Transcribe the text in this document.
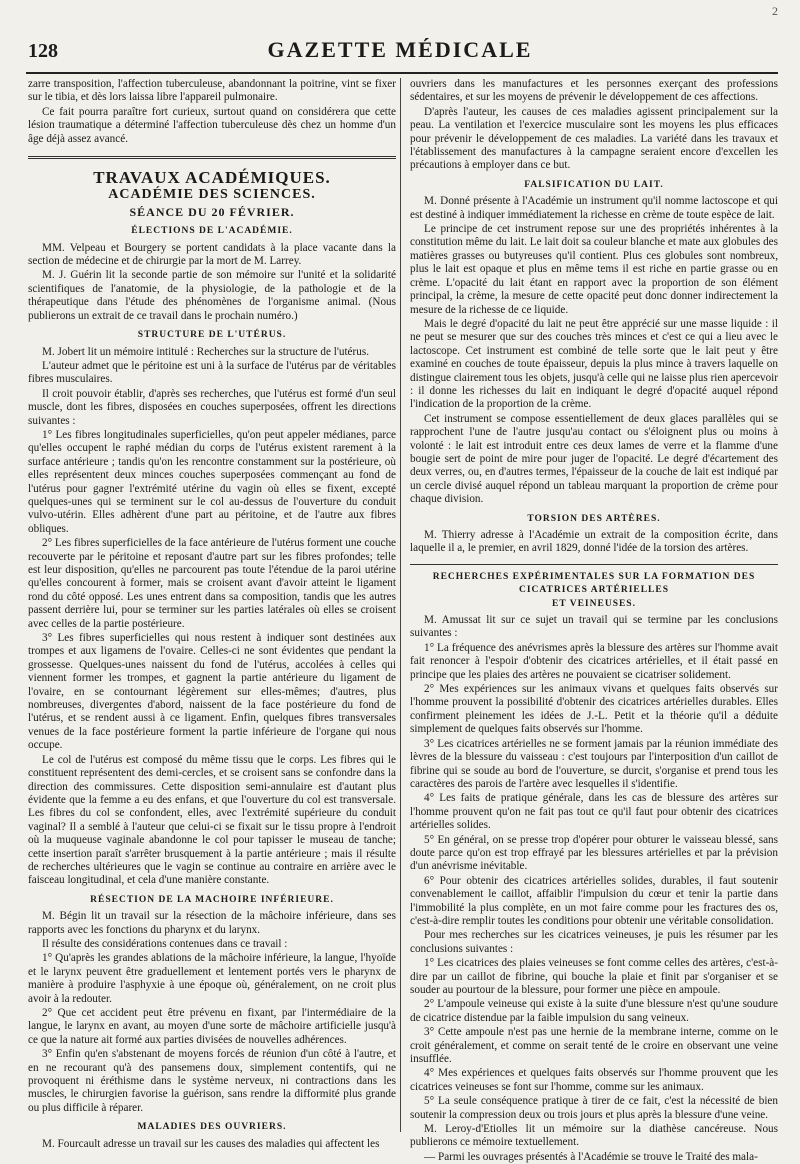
2
128	GAZETTE MÉDICALE

zarre transposition, l'affection tuberculeuse, abandonnant la poitrine, vint se fixer sur le tibia, et dès lors laissa libre l'appareil pulmonaire.

Ce fait pourra paraître fort curieux, surtout quand on considérera que cette lésion traumatique a déterminé l'affection tuberculeuse dès chez un homme d'un âge déjà assez avancé.

TRAVAUX ACADÉMIQUES.
ACADÉMIE DES SCIENCES.
SÉANCE DU 20 FÉVRIER.
ÉLECTIONS DE L'ACADÉMIE.

MM. Velpeau et Bourgery se portent candidats à la place vacante dans la section de médecine et de chirurgie par la mort de M. Larrey.

M. J. Guérin lit la seconde partie de son mémoire sur l'unité et la solidarité scientifiques de l'anatomie, de la physiologie, de la pathologie et de la thérapeutique dans l'étude des phénomènes de l'organisme animal. (Nous publierons un extrait de ce travail dans le prochain numéro.)

STRUCTURE DE L'UTÉRUS.

M. Jobert lit un mémoire intitulé : Recherches sur la structure de l'utérus.

L'auteur admet que le péritoine est uni à la surface de l'utérus par de véritables fibres musculaires.

Il croit pouvoir établir, d'après ses recherches, que l'utérus est formé d'un seul muscle, dont les fibres, disposées en couches superposées, offrent les directions suivantes :

1° Les fibres longitudinales superficielles, qu'on peut appeler médianes, parce qu'elles occupent le raphé médian du corps de l'utérus existent rarement à la surface antérieure ; tandis qu'on les rencontre constamment sur la postérieure, où elles représentent deux minces couches superposées commençant au fond de l'utérus pour gagner l'extrémité utérine du vagin où elles se fixent, excepté quelques-unes qui se terminent sur le col au-dessus de l'ouverture du conduit vulvo-utérin. Elles adhèrent d'une part au péritoine, et de l'autre aux fibres obliques.

2° Les fibres superficielles de la face antérieure de l'utérus forment une couche recouverte par le péritoine et reposant d'autre part sur les fibres profondes; telle est leur disposition, qu'elles ne parcourent pas toute l'étendue de la paroi utérine qu'elles concourent à former, mais se croisent avant d'avoir atteint le ligament rond du côté opposé. Les unes entrent dans sa composition, tandis que les autres passent derrière lui, pour se terminer sur les parties latérales où elles se croisent avec celles de la partie postérieure.

3° Les fibres superficielles qui nous restent à indiquer sont destinées aux trompes et aux ligamens de l'ovaire. Celles-ci ne sont évidentes que pendant la grossesse. Quelques-unes naissent du fond de l'utérus, accolées à celles qui viennent former les trompes, et gagnent la partie antérieure du ligament de l'ovaire, en se contournant légèrement sur elles-mêmes; d'autres, plus nombreuses, divergentes d'abord, naissent de la face postérieure du fond de l'utérus, et se rendent aussi à ce ligament. Enfin, quelques fibres transversales venues de la face postérieure forment la partie inférieure de l'organe qui nous occupe.

Le col de l'utérus est composé du même tissu que le corps. Les fibres qui le constituent représentent des demi-cercles, et se croisent sans se confondre dans la direction des commissures. Cette disposition semi-annulaire est d'autant plus évidente que la femme a eu des enfans, et que l'ouverture du col est transversale. Les fibres du col se confondent, elles, avec l'extrémité supérieure du conduit vaginal? Il a semblé à l'auteur que celui-ci se fixait sur le tissu propre à l'endroit où la muqueuse vaginale abandonne le col pour tapisser le museau de tanche; cette insertion paraît s'arrêter brusquement à la partie antérieure ; mais il résulte de recherches ultérieures que le vagin se continue au contraire en arrière avec le faisceau longitudinal, et cela d'une manière constante.

RÉSECTION DE LA MACHOIRE INFÉRIEURE.

M. Bégin lit un travail sur la résection de la mâchoire inférieure, dans ses rapports avec les fonctions du pharynx et du larynx.

Il résulte des considérations contenues dans ce travail :

1° Qu'après les grandes ablations de la mâchoire inférieure, la langue, l'hyoïde et le larynx peuvent être graduellement et lentement portés vers le pharynx de manière à produire l'asphyxie à une époque où, généralement, on ne croit plus avoir à la redouter.

2° Que cet accident peut être prévenu en fixant, par l'intermédiaire de la langue, le larynx en avant, au moyen d'une sorte de mâchoire artificielle jusqu'à ce que la nature ait formé aux parties divisées de nouvelles adhérences.

3° Enfin qu'en s'abstenant de moyens forcés de réunion d'un côté à l'autre, et en ne recourant qu'à des pansemens doux, simplement contentifs, qui ne provoquent ni éréthisme dans le système nerveux, ni contractions dans les muscles, le chirurgien favorise la guérison, sans rendre la difformité plus grande ou plus difficile à réparer.

MALADIES DES OUVRIERS.

M. Fourcault adresse un travail sur les causes des maladies qui affectent les

ouvriers dans les manufactures et les personnes exerçant des professions sédentaires, et sur les moyens de prévenir le développement de ces affections.

D'après l'auteur, les causes de ces maladies agissent principalement sur la peau. La ventilation et l'exercice musculaire sont les moyens les plus efficaces pour prévenir le développement de ces maladies. La variété dans les travaux et l'établissement des manufactures à la campagne seraient encore d'excellen les précautions à employer dans ce but.

FALSIFICATION DU LAIT.

M. Donné présente à l'Académie un instrument qu'il nomme lactoscope et qui est destiné à indiquer immédiatement la richesse en crème de toute espèce de lait.

Le principe de cet instrument repose sur une des propriétés inhérentes à la constitution même du lait. Le lait doit sa couleur blanche et mate aux globules des matières grasses ou butyreuses qu'il contient. Plus ces globules sont nombreux, plus le lait est opaque et plus en même tems il est riche en partie grasse ou en crème. L'opacité du lait étant en rapport avec la proportion de son élément principal, la crème, la mesure de cette opacité peut donc donner indirectement la mesure de la richesse de ce liquide.

Mais le degré d'opacité du lait ne peut être apprécié sur une masse liquide : il ne peut se mesurer que sur des couches très minces et c'est ce qui a lieu avec le lactoscope. Cet instrument est combiné de telle sorte que le lait peut y être examiné en couches de toute épaisseur, depuis la plus mince à travers laquelle on distingue clairement tous les objets, jusqu'à celle qui ne laisse plus rien apercevoir : il donne les richesses du lait en indiquant le degré d'opacité auquel répond l'indication de la proportion de la crème.

Cet instrument se compose essentiellement de deux glaces parallèles qui se rapprochent l'une de l'autre jusqu'au contact ou s'éloignent plus ou moins à volonté : le lait est introduit entre ces deux lames de verre et la flamme d'une bougie sert de point de mire pour juger de l'opacité. Le degré d'écartement des deux verres, ou, en d'autres termes, l'épaisseur de la couche de lait est indiqué par un cercle divisé auquel répond un tableau marquant la proportion de crème pour chaque division.

TORSION DES ARTÈRES.

M. Thierry adresse à l'Académie un extrait de la composition écrite, dans laquelle il a, le premier, en avril 1829, donné l'idée de la torsion des artères.

RECHERCHES EXPÉRIMENTALES SUR LA FORMATION DES CICATRICES ARTÉRIELLES
ET VEINEUSES.

M. Amussat lit sur ce sujet un travail qui se termine par les conclusions suivantes :

1° La fréquence des anévrismes après la blessure des artères sur l'homme avait fait renoncer à l'espoir d'obtenir des cicatrices artérielles, et il était passé en principe que les plaies des artères ne pouvaient se cicatriser solidement.

2° Mes expériences sur les animaux vivans et quelques faits observés sur l'homme prouvent la possibilité d'obtenir des cicatrices artérielles durables. Elles confirment pleinement les idées de J.-L. Petit et la théorie qu'il a déduite simplement de quelques faits observés sur l'homme.

3° Les cicatrices artérielles ne se forment jamais par la réunion immédiate des lèvres de la blessure du vaisseau : c'est toujours par l'interposition d'un caillot de fibrine qui se soude au bord de l'ouverture, se durcit, s'organise et prend tous les caractères des parois de l'artère avec lesquelles il s'identifie.

4° Les faits de pratique générale, dans les cas de blessure des artères sur l'homme prouvent qu'on ne fait pas tout ce qu'il faut pour obtenir des cicatrices artérielles solides.

5° En général, on se presse trop d'opérer pour obturer le vaisseau blessé, sans doute parce qu'on est trop effrayé par les blessures artérielles et par la prévision d'un anévrisme inévitable.

6° Pour obtenir des cicatrices artérielles solides, durables, il faut soutenir convenablement le caillot, affaiblir l'impulsion du cœur et tenir la partie dans l'immobilité la plus complète, en un mot faire comme pour les fractures des os, c'est-à-dire remplir toutes les conditions pour obtenir une véritable consolidation.

Pour mes recherches sur les cicatrices veineuses, je puis les résumer par les conclusions suivantes :

1° Les cicatrices des plaies veineuses se font comme celles des artères, c'est-à-dire par un caillot de fibrine, qui bouche la plaie et finit par s'organiser et se souder au pourtour de la blessure, pour former une pièce en ampoule.

2° L'ampoule veineuse qui existe à la suite d'une blessure n'est qu'une soudure de cicatrice distendue par la faible impulsion du sang veineux.

3° Cette ampoule n'est pas une hernie de la membrane interne, comme on le croit généralement, et comme on serait tenté de le croire en observant une veine insufflée.

4° Mes expériences et quelques faits observés sur l'homme prouvent que les cicatrices veineuses se font sur l'homme, comme sur les animaux.

5° La seule conséquence pratique à tirer de ce fait, c'est la nécessité de bien soutenir la compression deux ou trois jours et plus après la blessure d'une veine.

M. Leroy-d'Etiolles lit un mémoire sur la diathèse cancéreuse. Nous publierons ce mémoire textuellement.

— Parmi les ouvrages présentés à l'Académie se trouve le Traité des mala-
